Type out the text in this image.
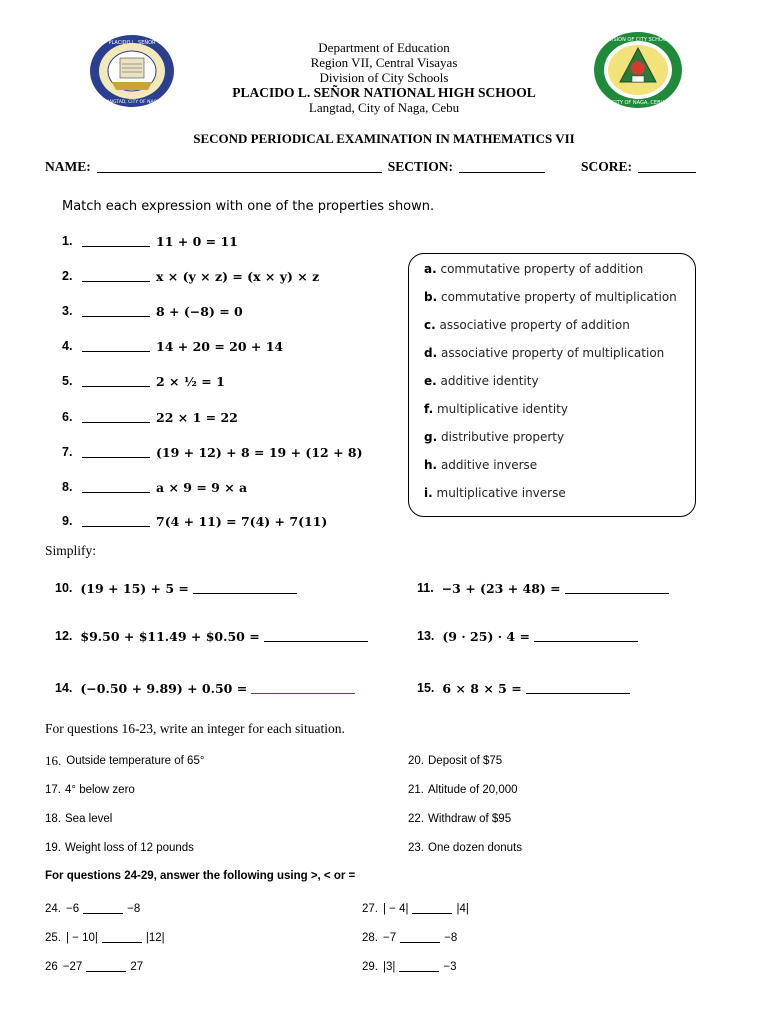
PLACIDO L. SEÑOR
LANGTAD, CITY OF NAGA
DIVISION OF CITY SCHOOLS
CITY OF NAGA, CEBU
Department of Education
Region VII, Central Visayas
Division of City Schools
PLACIDO L. SEÑOR NATIONAL HIGH SCHOOL
Langtad, City of Naga, Cebu
SECOND PERIODICAL EXAMINATION IN MATHEMATICS VII
NAME:	SECTION:	SCORE:
Match each expression with one of the properties shown.
1.	11 + 0 = 11
2.	x × (y × z) = (x × y) × z
3.	8 + (−8) = 0
4.	14 + 20 = 20 + 14
5.	2 × ½ = 1
6.	22 × 1 = 22
7.	(19 + 12) + 8 = 19 + (12 + 8)
8.	a × 9 = 9 × a
9.	7(4 + 11) = 7(4) + 7(11)
a. commutative property of addition
b. commutative property of multiplication
c. associative property of addition
d. associative property of multiplication
e. additive identity
f. multiplicative identity
g. distributive property
h. additive inverse
i. multiplicative inverse
Simplify:
10. (19 + 15) + 5 =	11. −3 + (23 + 48) =
12. $9.50 + $11.49 + $0.50 =	13. (9 · 25) · 4 =
14. (−0.50 + 9.89) + 0.50 =	15. 6 × 8 × 5 =
For questions 16-23, write an integer for each situation.
16. Outside temperature of 65°
17. 4° below zero
18. Sea level
19. Weight loss of 12 pounds
20. Deposit of $75
21. Altitude of 20,000
22. Withdraw of $95
23. One dozen donuts
For questions 24-29, answer the following using >, < or =
24. −6	−8
25. | − 10|	|12|
26 −27	27
27. | − 4|	|4|
28. −7	−8
29. |3|	−3
